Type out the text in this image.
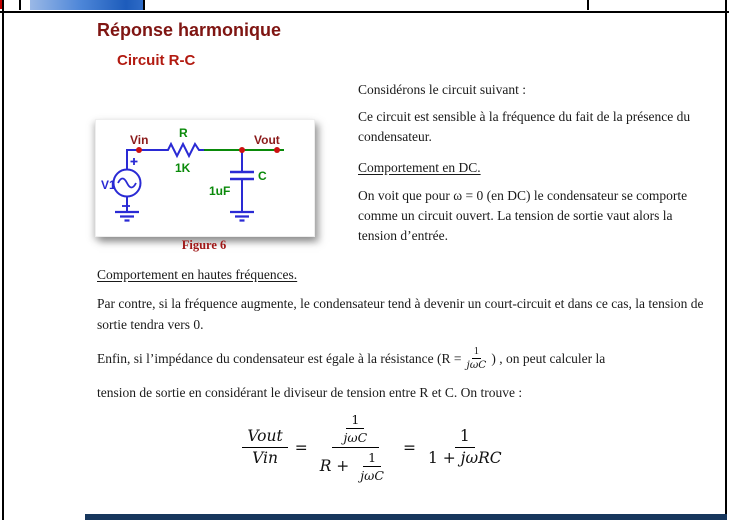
Réponse harmonique
Circuit R-C
Vin	Vout
R
1K
C
1uF
V1
Figure 6
Considérons le circuit suivant :
Ce circuit est sensible à la fréquence du fait de la présence du condensateur.
Comportement en DC.
On voit que pour ω = 0 (en DC) le condensateur se comporte comme un circuit ouvert. La tension de sortie vaut alors la tension d’entrée.
Comportement en hautes fréquences.
Par contre, si la fréquence augmente, le condensateur tend à devenir un court-circuit et dans ce cas, la tension de sortie tendra vers 0.
Enfin, si l’impédance du condensateur est égale à la résistance ($R = \frac{1}{\text{jωC}}$ ) , on peut calculer la
tension de sortie en considérant le diviseur de tension entre R et C. On trouve :
$\frac{\text{Vout}}{\text{Vin}} = \frac{\frac{1}{\text{jωC}}}{R + \frac{1}{\text{jωC}}} = \frac{1}{\text{1 + jωRC}}$
